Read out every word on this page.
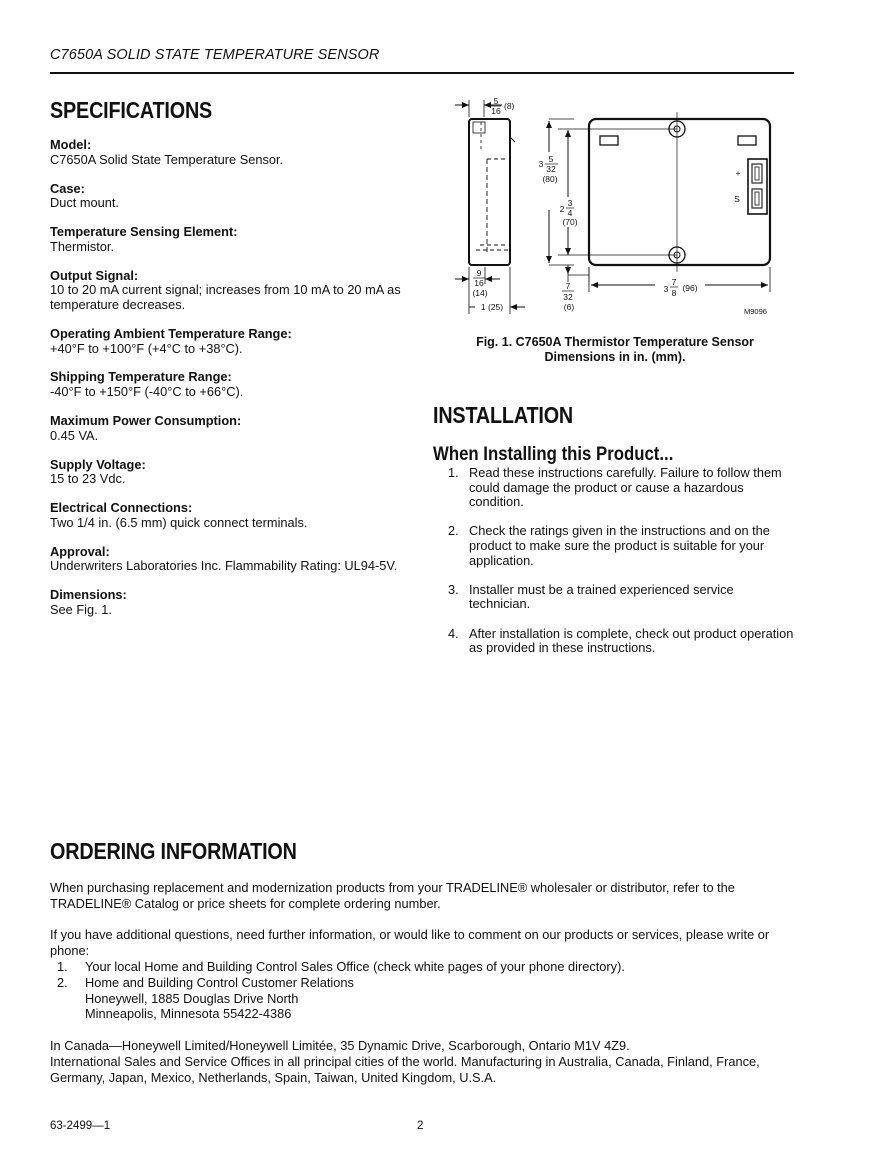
C7650A SOLID STATE TEMPERATURE SENSOR
SPECIFICATIONS
Model:
C7650A Solid State Temperature Sensor.
Case:
Duct mount.
Temperature Sensing Element:
Thermistor.
Output Signal:
10 to 20 mA current signal; increases from 10 mA to 20 mA as temperature decreases.
Operating Ambient Temperature Range:
+40°F to +100°F (+4°C to +38°C).
Shipping Temperature Range:
-40°F to +150°F (-40°C to +66°C).
Maximum Power Consumption:
0.45 VA.
Supply Voltage:
15 to 23 Vdc.
Electrical Connections:
Two 1/4 in. (6.5 mm) quick connect terminals.
Approval:
Underwriters Laboratories Inc. Flammability Rating: UL94-5V.
Dimensions:
See Fig. 1.
5
16 (8)
3 5
32
(80)
2
3
4
(70)
9
16
(14)
1 (25)
7
32
(6)
3
7
8 (96)
+
S
M9096
Fig. 1. C7650A Thermistor Temperature Sensor
Dimensions in in. (mm).
INSTALLATION
When Installing this Product...
1. Read these instructions carefully. Failure to follow them could damage the product or cause a hazardous condition.
2. Check the ratings given in the instructions and on the product to make sure the product is suitable for your application.
3. Installer must be a trained experienced service technician.
4. After installation is complete, check out product operation as provided in these instructions.
ORDERING INFORMATION

When purchasing replacement and modernization products from your TRADELINE® wholesaler or distributor, refer to the TRADELINE® Catalog or price sheets for complete ordering number.

If you have additional questions, need further information, or would like to comment on our products or services, please write or phone:
1.	Your local Home and Building Control Sales Office (check white pages of your phone directory).
2.	Home and Building Control Customer Relations
Honeywell, 1885 Douglas Drive North
Minneapolis, Minnesota 55422-4386
In Canada—Honeywell Limited/Honeywell Limitée, 35 Dynamic Drive, Scarborough, Ontario M1V 4Z9.
International Sales and Service Offices in all principal cities of the world. Manufacturing in Australia, Canada, Finland, France, Germany, Japan, Mexico, Netherlands, Spain, Taiwan, United Kingdom, U.S.A.
63-2499—1	2
